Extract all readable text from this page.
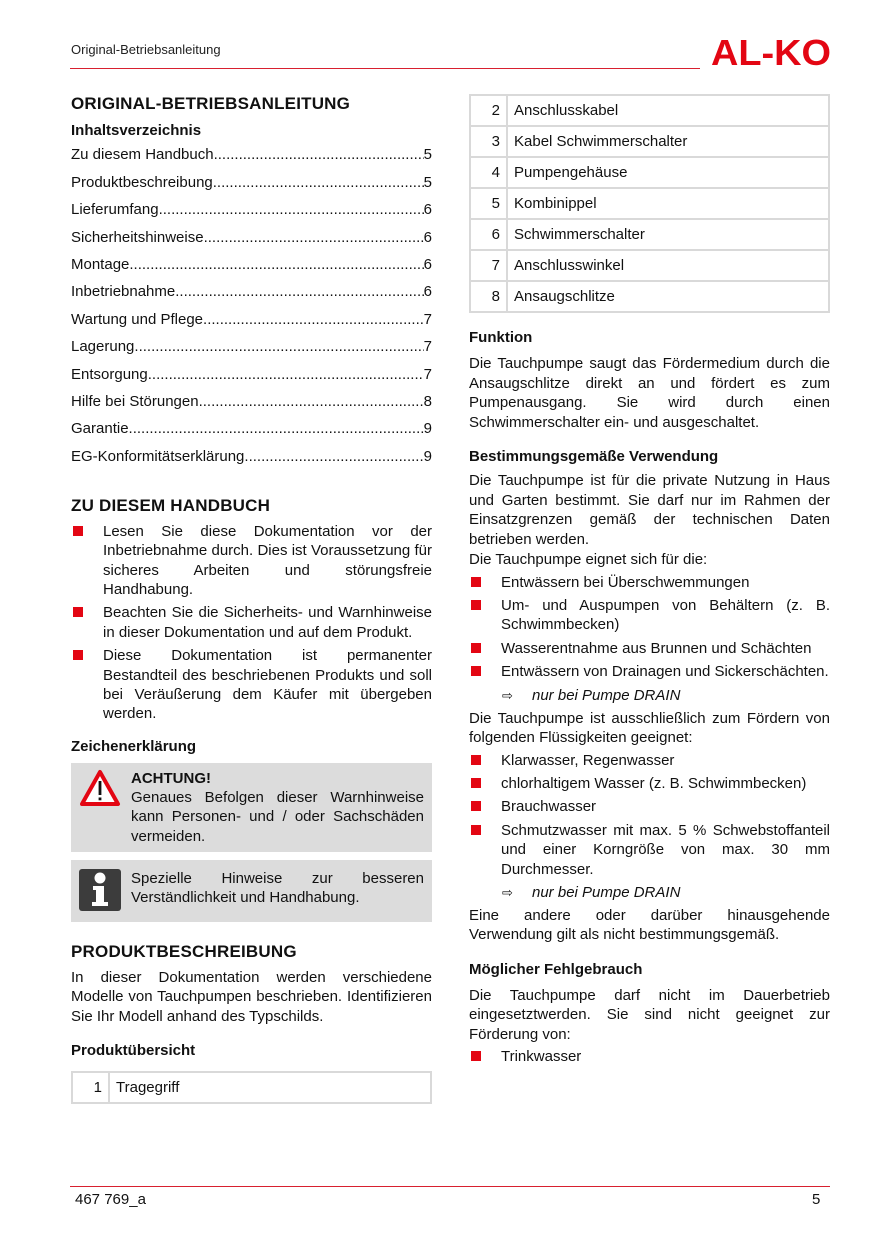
Original-Betriebsanleitung	AL-KO
ORIGINAL-BETRIEBSANLEITUNG
Inhaltsverzeichnis
Zu diesem Handbuch .....	5
Produktbeschreibung .....	5
Lieferumfang .....	6
Sicherheitshinweise .....	6
Montage .....	6
Inbetriebnahme .....	6
Wartung und Pflege .....	7
Lagerung .....	7
Entsorgung .....	7
Hilfe bei Störungen .....	8
Garantie .....	9
EG-Konformitätserklärung .....	9
ZU DIESEM HANDBUCH
Lesen Sie diese Dokumentation vor der Inbetriebnahme durch. Dies ist Voraussetzung für sicheres Arbeiten und störungsfreie Handhabung.
Beachten Sie die Sicherheits- und Warnhinweise in dieser Dokumentation und auf dem Produkt.
Diese Dokumentation ist permanenter Bestandteil des beschriebenen Produkts und soll bei Veräußerung dem Käufer mit übergeben werden.
Zeichenerklärung
ACHTUNG!
Genaues Befolgen dieser Warnhinweise kann Personen- und / oder Sachschäden vermeiden.
Spezielle Hinweise zur besseren Verständlichkeit und Handhabung.
PRODUKTBESCHREIBUNG

In dieser Dokumentation werden verschiedene Modelle von Tauchpumpen beschrieben. Identifizieren Sie Ihr Modell anhand des Typschilds.

Produktübersicht
1	Tragegriff
2	Anschlusskabel
3	Kabel Schwimmerschalter
4	Pumpengehäuse
5	Kombinippel
6	Schwimmerschalter
7	Anschlusswinkel
8	Ansaugschlitze
Funktion

Die Tauchpumpe saugt das Fördermedium durch die Ansaugschlitze direkt an und fördert es zum Pumpenausgang. Sie wird durch einen Schwimmerschalter ein- und ausgeschaltet.

Bestimmungsgemäße Verwendung

Die Tauchpumpe ist für die private Nutzung in Haus und Garten bestimmt. Sie darf nur im Rahmen der Einsatzgrenzen gemäß der technischen Daten betrieben werden.

Die Tauchpumpe eignet sich für die:

Entwässern bei Überschwemmungen
Um- und Auspumpen von Behältern (z. B. Schwimmbecken)
Wasserentnahme aus Brunnen und Schächten
Entwässern von Drainagen und Sickerschächten.
⇨ nur bei Pumpe DRAIN

Die Tauchpumpe ist ausschließlich zum Fördern von folgenden Flüssigkeiten geeignet:

Klarwasser, Regenwasser
chlorhaltigem Wasser (z. B. Schwimmbecken)
Brauchwasser
Schmutzwasser mit max. 5 % Schwebstoffanteil und einer Korngröße von max. 30 mm Durchmesser.
⇨ nur bei Pumpe DRAIN

Eine andere oder darüber hinausgehende Verwendung gilt als nicht bestimmungsgemäß.

Möglicher Fehlgebrauch

Die Tauchpumpe darf nicht im Dauerbetrieb eingesetztwerden. Sie sind nicht geeignet zur Förderung von:

Trinkwasser
467 769_a	5
